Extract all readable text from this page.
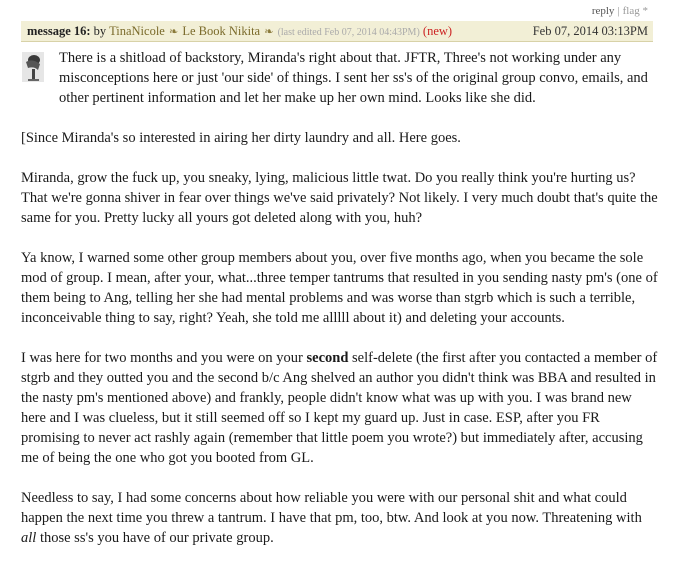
reply | flag *
message 16: by TinaNicole ❧ Le Book Nikita ❧ (last edited Feb 07, 2014 04:43PM) (new)	Feb 07, 2014 03:13PM

There is a shitload of backstory, Miranda's right about that. JFTR, Three's not working under any misconceptions here or just 'our side' of things. I sent her ss's of the original group convo, emails, and other pertinent information and let her make up her own mind. Looks like she did.

[Since Miranda's so interested in airing her dirty laundry and all. Here goes.

Miranda, grow the fuck up, you sneaky, lying, malicious little twat. Do you really think you're hurting us? That we're gonna shiver in fear over things we've said privately? Not likely. I very much doubt that's quite the same for you. Pretty lucky all yours got deleted along with you, huh?

Ya know, I warned some other group members about you, over five months ago, when you became the sole mod of group. I mean, after your, what...three temper tantrums that resulted in you sending nasty pm's (one of them being to Ang, telling her she had mental problems and was worse than stgrb which is such a terrible, inconceivable thing to say, right? Yeah, she told me alllll about it) and deleting your accounts.

I was here for two months and you were on your second self-delete (the first after you contacted a member of stgrb and they outted you and the second b/c Ang shelved an author you didn't think was BBA and resulted in the nasty pm's mentioned above) and frankly, people didn't know what was up with you. I was brand new here and I was clueless, but it still seemed off so I kept my guard up. Just in case. ESP, after you FR promising to never act rashly again (remember that little poem you wrote?) but immediately after, accusing me of being the one who got you booted from GL.

Needless to say, I had some concerns about how reliable you were with our personal shit and what could happen the next time you threw a tantrum. I have that pm, too, btw. And look at you now. Threatening with all those ss's you have of our private group.
